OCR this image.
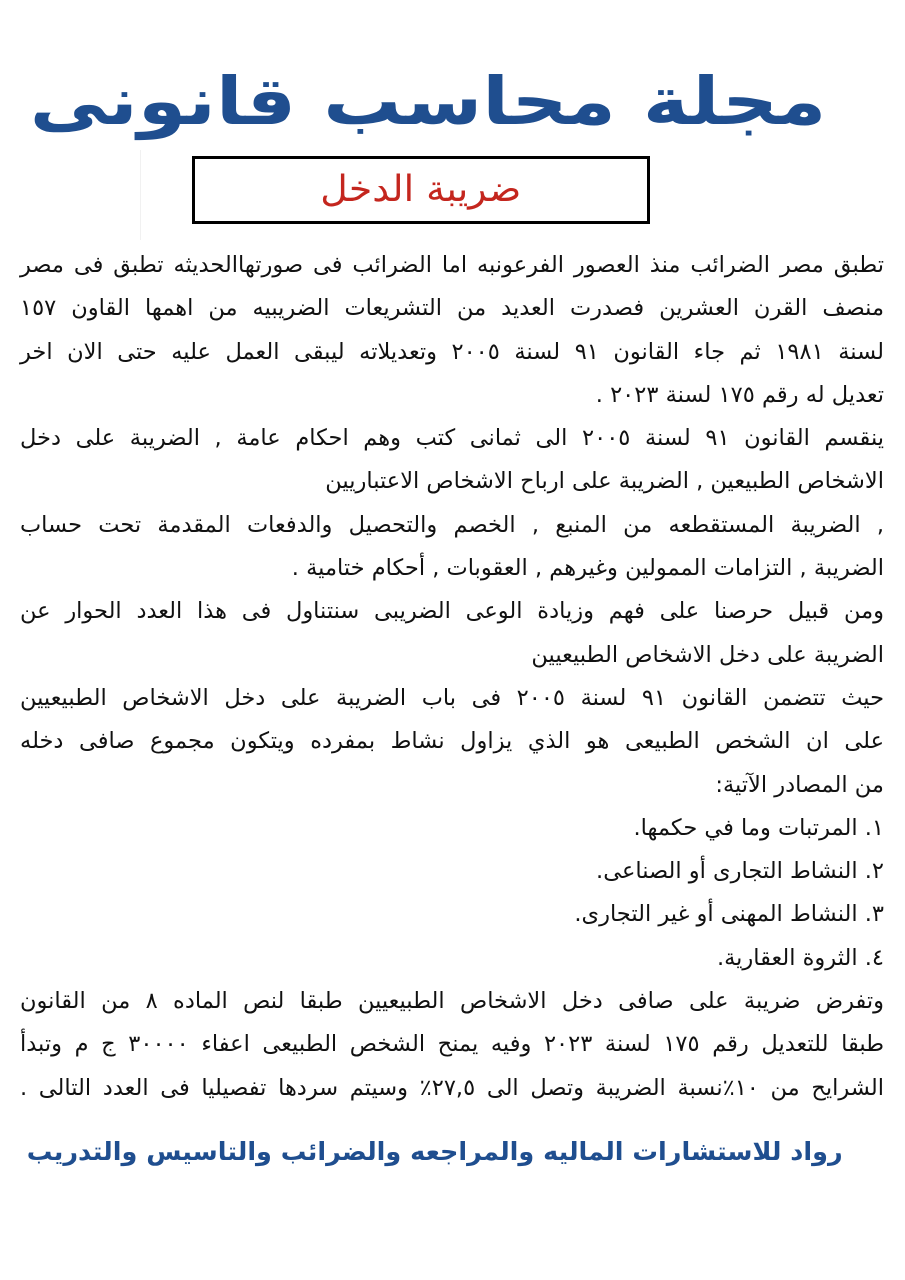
مجلة محاسب قانونى
ضريبة الدخل
تطبق مصر الضرائب منذ العصور الفرعونبه اما الضرائب فى صورتهاالحديثه تطبق فى مصر
منصف القرن العشرين فصدرت العديد من التشريعات الضريبيه من اهمها القاون ١٥٧
لسنة ١٩٨١ ثم جاء القانون ٩١ لسنة ٢٠٠٥ وتعديلاته ليبقى العمل عليه حتى الان اخر
تعديل له رقم ١٧٥ لسنة ٢٠٢٣ .
ينقسم القانون ٩١ لسنة ٢٠٠٥ الى ثمانى كتب وهم احكام عامة , الضريبة على دخل
الاشخاص الطبيعين , الضريبة على ارباح الاشخاص الاعتباريين
, الضريبة المستقطعه من المنبع , الخصم والتحصيل والدفعات المقدمة تحت حساب
الضريبة , التزامات الممولين وغيرهم , العقوبات , أحكام ختامية .
ومن قبيل حرصنا على فهم وزيادة الوعى الضريبى سنتناول فى هذا العدد الحوار عن
الضريبة على دخل الاشخاص الطبيعيين
حيث تتضمن القانون ٩١ لسنة ٢٠٠٥ فى باب الضريبة على دخل الاشخاص الطبيعيين
على ان الشخص الطبيعى هو الذي يزاول نشاط بمفرده ويتكون مجموع صافى دخله
من المصادر الآتية:
١. المرتبات وما في حكمها.
٢. النشاط التجارى أو الصناعى.
٣. النشاط المهنى أو غير التجارى.
٤. الثروة العقارية.
وتفرض ضريبة على صافى دخل الاشخاص الطبيعيين طبقا لنص الماده ٨ من القانون
طبقا للتعديل رقم ١٧٥ لسنة ٢٠٢٣ وفيه يمنح الشخص الطبيعى اعفاء ٣٠٠٠٠ ج م وتبدأ
الشرايح من ١٠٪نسبة الضريبة وتصل الى ٢٧,٥٪ وسيتم سردها تفصيليا فى العدد التالى .
رواد للاستشارات الماليه والمراجعه والضرائب والتاسيس والتدريب
